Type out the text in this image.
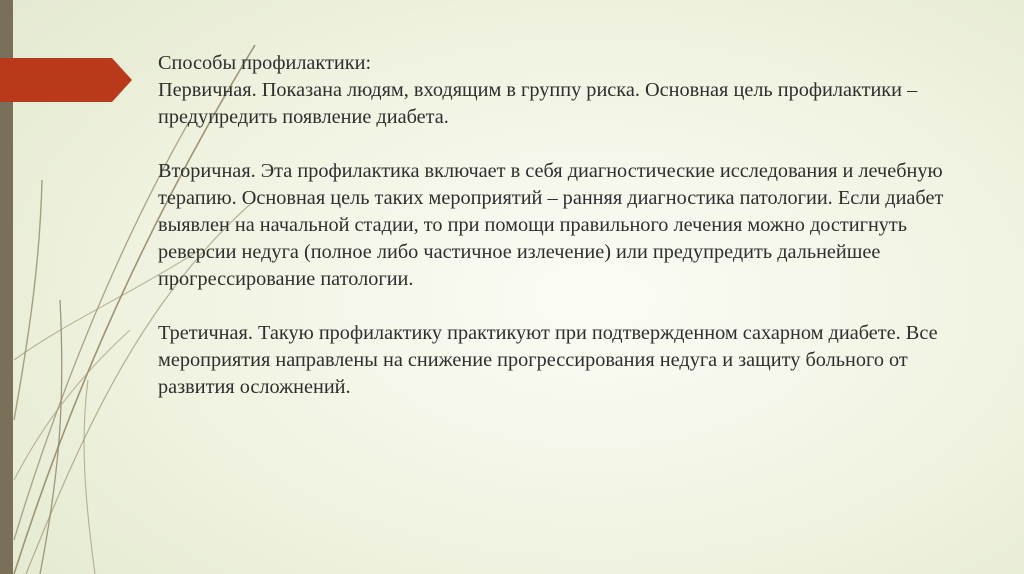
Способы профилактики:

Первичная. Показана людям, входящим в группу риска. Основная цель профилактики – предупредить появление диабета.

Вторичная. Эта профилактика включает в себя диагностические исследования и лечебную терапию. Основная цель таких мероприятий – ранняя диагностика патологии. Если диабет выявлен на начальной стадии, то при помощи правильного лечения можно достигнуть реверсии недуга (полное либо частичное излечение) или предупредить дальнейшее прогрессирование патологии.

Третичная. Такую профилактику практикуют при подтвержденном сахарном диабете. Все мероприятия направлены на снижение прогрессирования недуга и защиту больного от развития осложнений.
